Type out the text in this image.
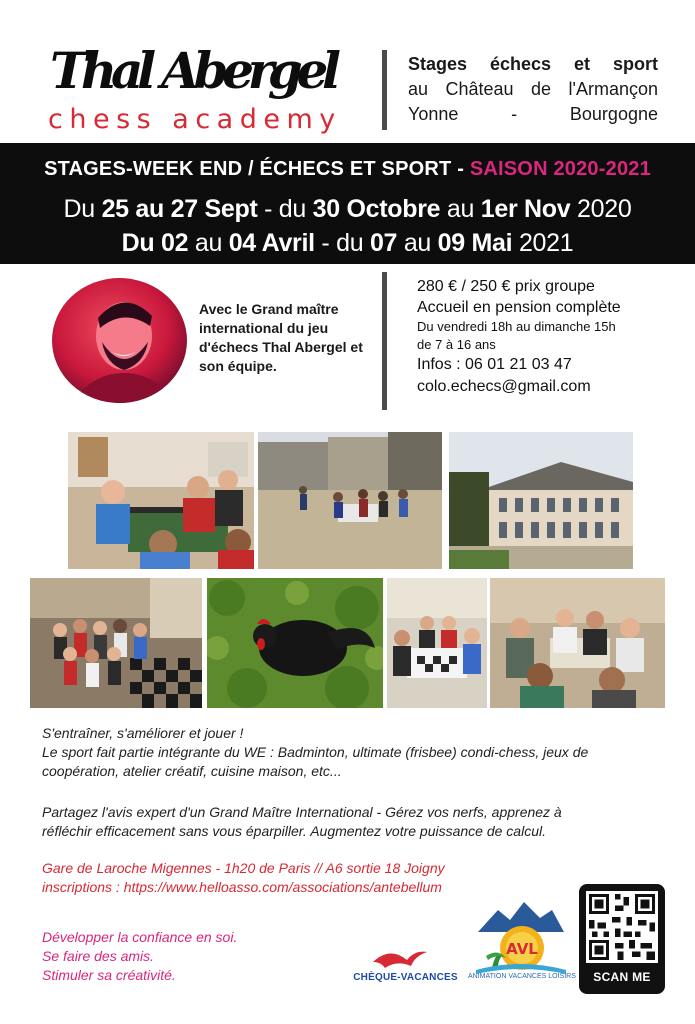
Thal Abergel
chess academy
Stages échecs et sport
au Château de l'Armançon
Yonne	-	Bourgogne
STAGES-WEEK END / ÉCHECS ET SPORT - SAISON 2020-2021
Du 25 au 27 Sept - du 30 Octobre au 1er Nov 2020
Du 02 au 04 Avril - du 07 au 09 Mai 2021
Avec le Grand maître international du jeu d'échecs Thal Abergel et son équipe.
280 € / 250 € prix groupe
Accueil en pension complète
Du vendredi 18h au dimanche 15h
de 7 à 16 ans
Infos : 06 01 21 03 47
colo.echecs@gmail.com

S'entraîner, s'améliorer et jouer !

Le sport fait partie intégrante du WE : Badminton, ultimate (frisbee) condi-chess, jeux de

coopération, atelier créatif, cuisine maison, etc...

Partagez l'avis expert d'un Grand Maître International - Gérez vos nerfs, apprenez à

réfléchir efficacement sans vous éparpiller. Augmentez votre puissance de calcul.

Gare de Laroche Migennes - 1h20 de Paris // A6 sortie 18 Joigny

inscriptions : https://www.helloasso.com/associations/antebellum

Développer la confiance en soi.

Se faire des amis.

Stimuler sa créativité.	CHÈQUE-VACANCES
AVL
ANIMATION VACANCES LOISIRS	SCAN ME
